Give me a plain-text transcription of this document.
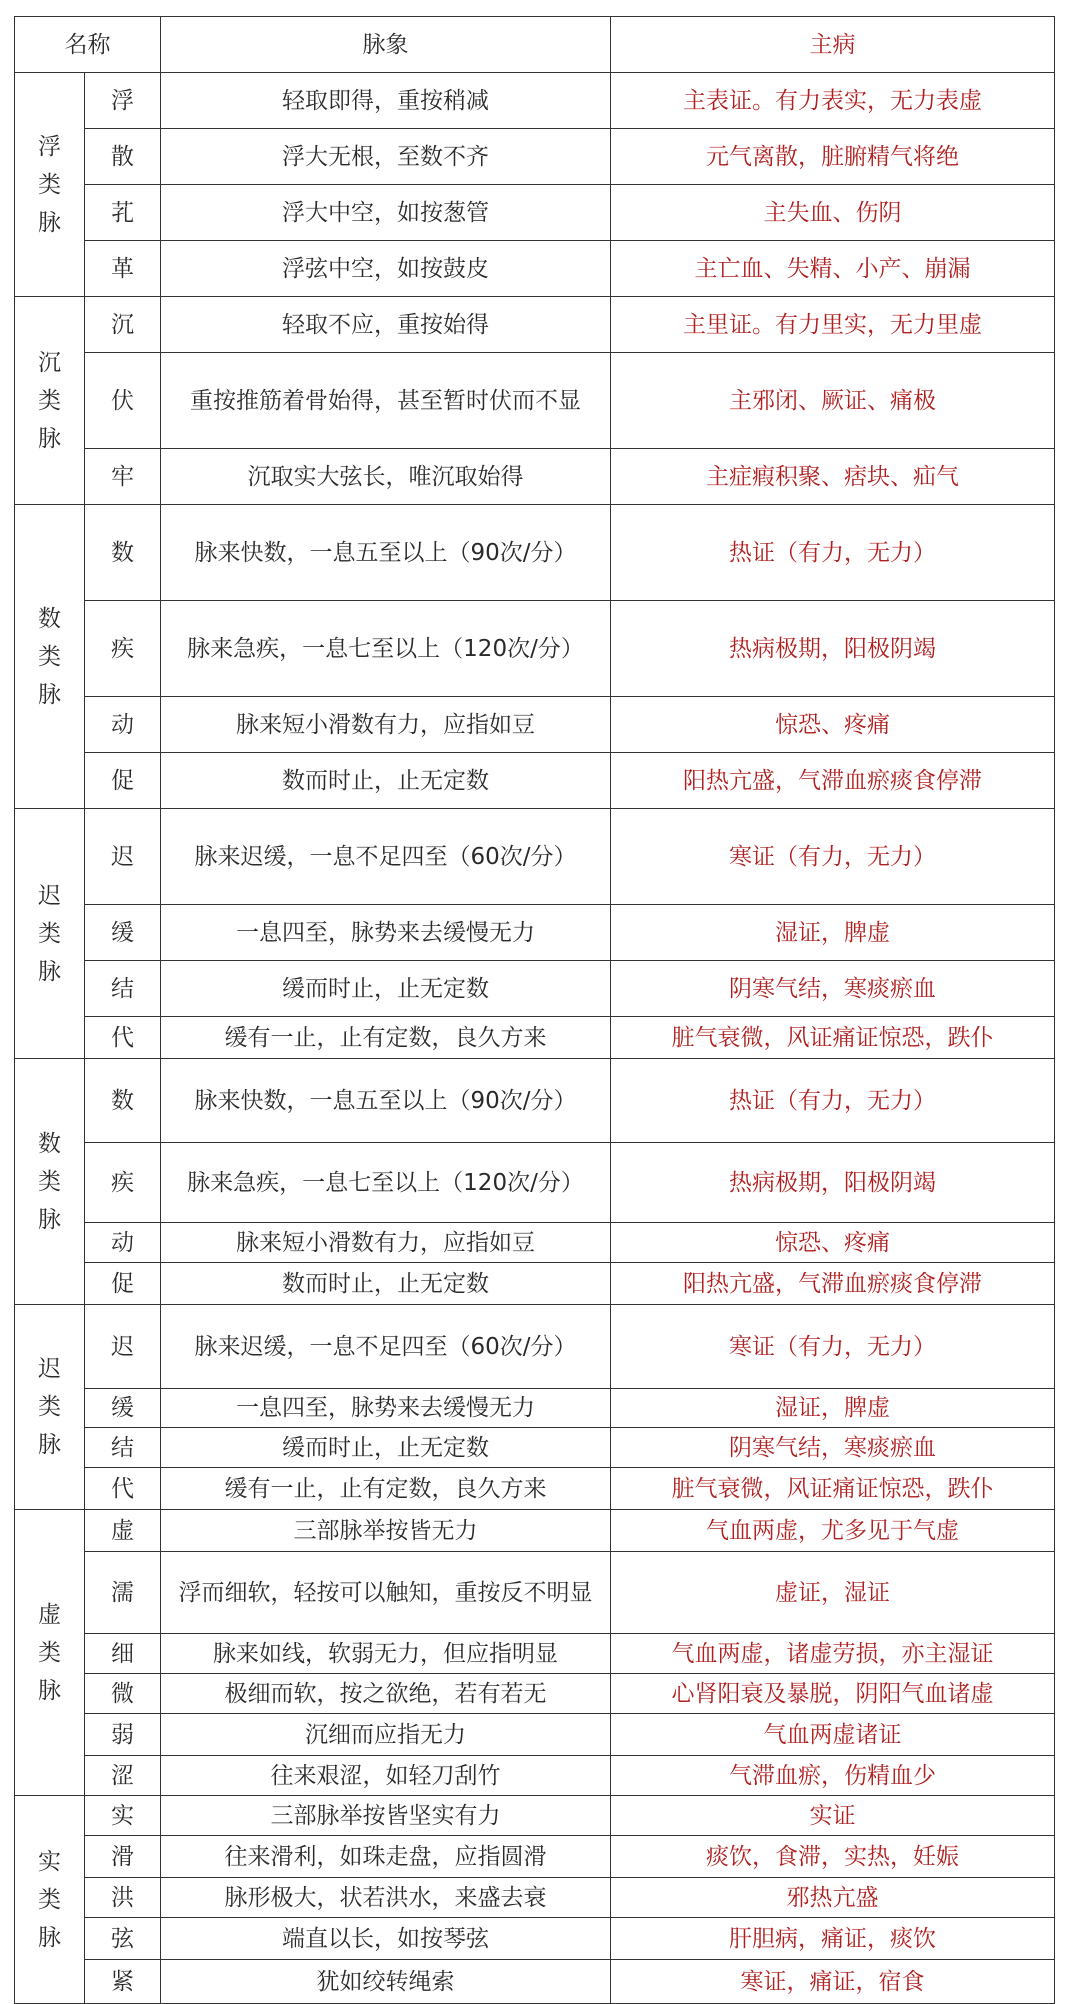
名称		脉象	主病

浮
类
脉	浮	轻取即得，重按稍减	主表证。有力表实，无力表虚
	散	浮大无根，至数不齐	元气离散，脏腑精气将绝
	芤	浮大中空，如按葱管	主失血、伤阴
	革	浮弦中空，如按鼓皮	主亡血、失精、小产、崩漏

沉
类
脉	沉	轻取不应，重按始得	主里证。有力里实，无力里虚
	伏	重按推筋着骨始得，甚至暂时伏而不显	主邪闭、厥证、痛极
	牢	沉取实大弦长，唯沉取始得	主症瘕积聚、痞块、疝气

数
类
脉	数	脉来快数，一息五至以上（90次/分）	热证（有力，无力）
	疾	脉来急疾，一息七至以上（120次/分）	热病极期，阳极阴竭
	动	脉来短小滑数有力，应指如豆	惊恐、疼痛
	促	数而时止，止无定数	阳热亢盛，气滞血瘀痰食停滞

迟
类
脉	迟	脉来迟缓，一息不足四至（60次/分）	寒证（有力，无力）
	缓	一息四至，脉势来去缓慢无力	湿证，脾虚
	结	缓而时止，止无定数	阴寒气结，寒痰瘀血
	代	缓有一止，止有定数，良久方来	脏气衰微，风证痛证惊恐，跌仆

数
类
脉	数	脉来快数，一息五至以上（90次/分）	热证（有力，无力）
	疾	脉来急疾，一息七至以上（120次/分）	热病极期，阳极阴竭
	动	脉来短小滑数有力，应指如豆	惊恐、疼痛
	促	数而时止，止无定数	阳热亢盛，气滞血瘀痰食停滞

迟
类
脉	迟	脉来迟缓，一息不足四至（60次/分）	寒证（有力，无力）
	缓	一息四至，脉势来去缓慢无力	湿证，脾虚
	结	缓而时止，止无定数	阴寒气结，寒痰瘀血
	代	缓有一止，止有定数，良久方来	脏气衰微，风证痛证惊恐，跌仆

虚
类
脉	虚	三部脉举按皆无力	气血两虚，尤多见于气虚
	濡	浮而细软，轻按可以触知，重按反不明显	虚证，湿证
	细	脉来如线，软弱无力，但应指明显	气血两虚，诸虚劳损，亦主湿证
	微	极细而软，按之欲绝，若有若无	心肾阳衰及暴脱，阴阳气血诸虚
	弱	沉细而应指无力	气血两虚诸证
	涩	往来艰涩，如轻刀刮竹	气滞血瘀，伤精血少

实
类
脉	实	三部脉举按皆坚实有力	实证
	滑	往来滑利，如珠走盘，应指圆滑	痰饮，食滞，实热，妊娠
	洪	脉形极大，状若洪水，来盛去衰	邪热亢盛
	弦	端直以长，如按琴弦	肝胆病，痛证，痰饮
	紧	犹如绞转绳索	寒证，痛证，宿食
